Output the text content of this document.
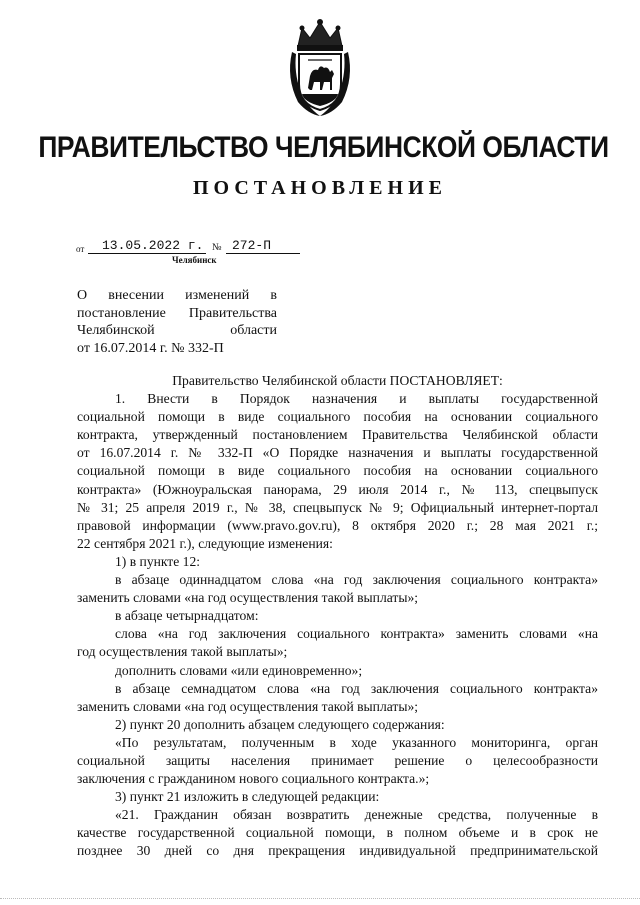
ПРАВИТЕЛЬСТВО ЧЕЛЯБИНСКОЙ ОБЛАСТИ
ПОСТАНОВЛЕНИЕ
от	13.05.2022 г. № 272-П
Челябинск
О внесении изменений в
постановление Правительства
Челябинской области
от 16.07.2014 г. № 332-П
Правительство Челябинской области ПОСТАНОВЛЯЕТ:
1. Внести в Порядок назначения и выплаты государственной
социальной помощи в виде социального пособия на основании социального
контракта, утвержденный постановлением Правительства Челябинской области
от 16.07.2014 г. № 332-П «О Порядке назначения и выплаты государственной
социальной помощи в виде социального пособия на основании социального
контракта» (Южноуральская панорама, 29 июля 2014 г., № 113, спецвыпуск
№ 31; 25 апреля 2019 г., № 38, спецвыпуск № 9; Официальный интернет-портал
правовой информации (www.pravo.gov.ru), 8 октября 2020 г.; 28 мая 2021 г.;
22 сентября 2021 г.), следующие изменения:
1) в пункте 12:
в абзаце одиннадцатом слова «на год заключения социального контракта»
заменить словами «на год осуществления такой выплаты»;
в абзаце четырнадцатом:
слова «на год заключения социального контракта» заменить словами «на
год осуществления такой выплаты»;
дополнить словами «или единовременно»;
в абзаце семнадцатом слова «на год заключения социального контракта»
заменить словами «на год осуществления такой выплаты»;
2) пункт 20 дополнить абзацем следующего содержания:
«По результатам, полученным в ходе указанного мониторинга, орган
социальной защиты населения принимает решение о целесообразности
заключения с гражданином нового социального контракта.»;
3) пункт 21 изложить в следующей редакции:
«21. Гражданин обязан возвратить денежные средства, полученные в
качестве государственной социальной помощи, в полном объеме и в срок не
позднее 30 дней со дня прекращения индивидуальной предпринимательской
